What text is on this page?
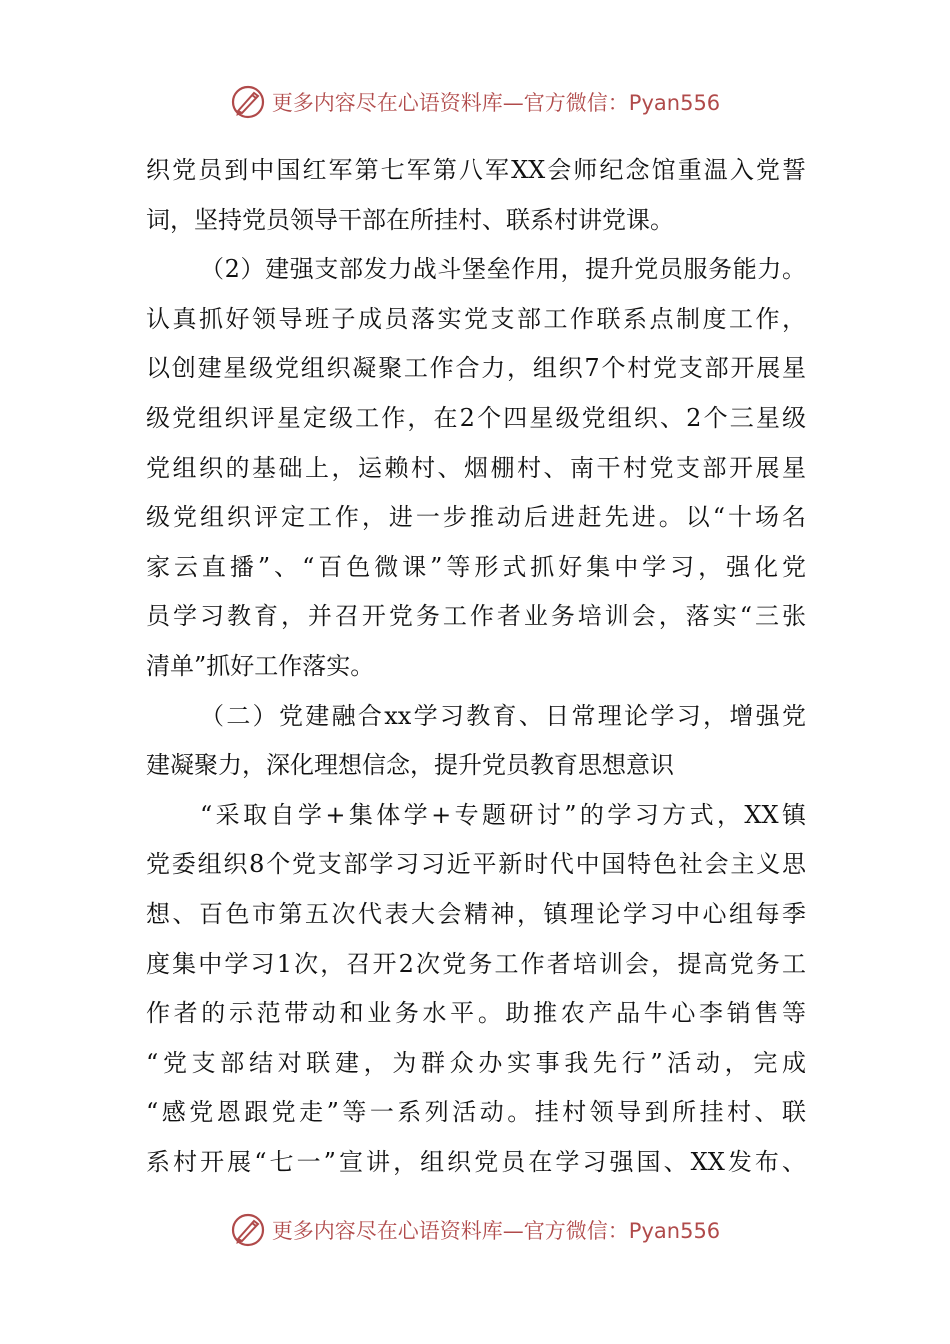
更多内容尽在心语资料库—官方微信：Pyan556
织党员到中国红军第七军第八军XX会师纪念馆重温入党誓
词，坚持党员领导干部在所挂村、联系村讲党课。
（2）建强支部发力战斗堡垒作用，提升党员服务能力。
认真抓好领导班子成员落实党支部工作联系点制度工作，
以创建星级党组织凝聚工作合力，组织7个村党支部开展星
级党组织评星定级工作，在2个四星级党组织、2个三星级
党组织的基础上，运赖村、烟棚村、南干村党支部开展星
级党组织评定工作，进一步推动后进赶先进。以“十场名
家云直播”、“百色微课”等形式抓好集中学习，强化党
员学习教育，并召开党务工作者业务培训会，落实“三张
清单”抓好工作落实。
（二）党建融合xx学习教育、日常理论学习，增强党
建凝聚力，深化理想信念，提升党员教育思想意识
“采取自学+集体学+专题研讨”的学习方式，XX镇
党委组织8个党支部学习习近平新时代中国特色社会主义思
想、百色市第五次代表大会精神，镇理论学习中心组每季
度集中学习1次，召开2次党务工作者培训会，提高党务工
作者的示范带动和业务水平。助推农产品牛心李销售等
“党支部结对联建，为群众办实事我先行”活动，完成
“感党恩跟党走”等一系列活动。挂村领导到所挂村、联
系村开展“七一”宣讲，组织党员在学习强国、XX发布、
更多内容尽在心语资料库—官方微信：Pyan556
